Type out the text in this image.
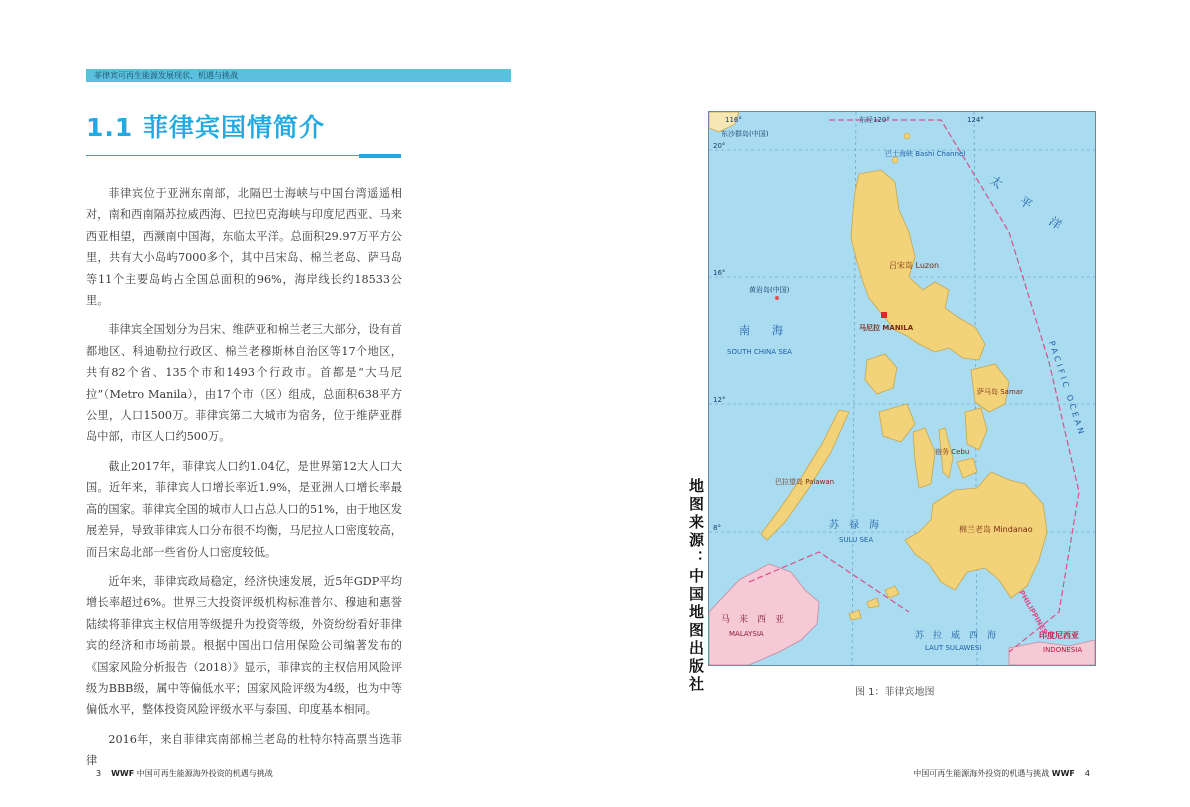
菲律宾可再生能源发展现状、机遇与挑战
1.1 菲律宾国情简介

菲律宾位于亚洲东南部，北隔巴士海峡与中国台湾遥遥相对，南和西南隔苏拉威西海、巴拉巴克海峡与印度尼西亚、马来西亚相望，西濒南中国海，东临太平洋。总面积29.97万平方公里，共有大小岛屿7000多个，其中吕宋岛、棉兰老岛、萨马岛等11个主要岛屿占全国总面积的96%，海岸线长约18533公里。

菲律宾全国划分为吕宋、维萨亚和棉兰老三大部分，设有首都地区、科迪勒拉行政区、棉兰老穆斯林自治区等17个地区，共有82个省、135个市和1493个行政市。首都是“大马尼拉”（Metro Manila），由17个市（区）组成，总面积638平方公里，人口1500万。菲律宾第二大城市为宿务，位于维萨亚群岛中部，市区人口约500万。

截止2017年，菲律宾人口约1.04亿，是世界第12大人口大国。近年来，菲律宾人口增长率近1.9%，是亚洲人口增长率最高的国家。菲律宾全国的城市人口占总人口的51%，由于地区发展差异，导致菲律宾人口分布很不均衡，马尼拉人口密度较高，而吕宋岛北部一些省份人口密度较低。

近年来，菲律宾政局稳定，经济快速发展，近5年GDP平均增长率超过6%。世界三大投资评级机构标准普尔、穆迪和惠誉陆续将菲律宾主权信用等级提升为投资等级，外资纷纷看好菲律宾的经济和市场前景。根据中国出口信用保险公司编著发布的《国家风险分析报告（2018）》显示，菲律宾的主权信用风险评级为BBB级，属中等偏低水平；国家风险评级为4级，也为中等偏低水平，整体投资风险评级水平与泰国、印度基本相同。

2016年，来自菲律宾南部棉兰老岛的杜特尔特高票当选菲律

东沙群岛(中国)
东经120°	124°
116°
20°
16°
12°
8°
巴士海峡 Bashi Channel
黄岩岛(中国)
南　　海
SOUTH CHINA SEA
太　　平　　洋
PACIFIC OCEAN
吕宋岛 Luzon
马尼拉 MANILA
萨马岛 Samar
宿务 Cebu
巴拉望岛 Palawan
棉兰老岛 Mindanao
苏　禄　海
SULU SEA
苏　拉　威　西　海
LAUT SULAWESI
马　来　西　亚
MALAYSIA	印度尼西亚
INDONESIA
PHILIPPINES
地图来源：中国地图出版社	图 1：菲律宾地图
3 WWF 中国可再生能源海外投资的机遇与挑战	中国可再生能源海外投资的机遇与挑战 WWF 4
